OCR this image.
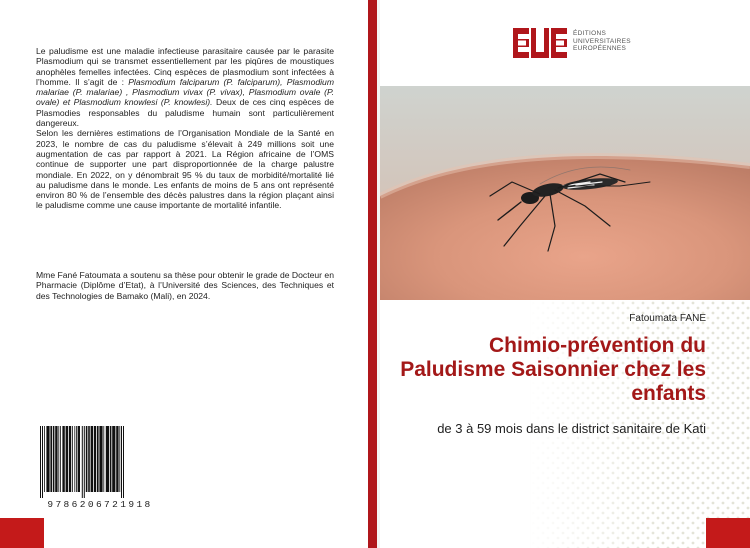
Le paludisme est une maladie infectieuse parasitaire causée par le parasite Plasmodium qui se transmet essentiellement par les piqûres de moustiques anophèles femelles infectées. Cinq espèces de plasmodium sont infectées à l’homme. Il s’agit de : Plasmodium falciparum (P. falciparum), Plasmodium malariae (P. malariae) , Plasmodium vivax (P. vivax), Plasmodium ovale (P. ovale) et Plasmodium knowlesi (P. knowlesi). Deux de ces cinq espèces de Plasmodies responsables du paludisme humain sont particulièrement dangereux.

Selon les dernières estimations de l’Organisation Mondiale de la Santé en 2023, le nombre de cas du paludisme s’élevait à 249 millions soit une augmentation de cas par rapport à 2021. La Région africaine de l’OMS continue de supporter une part disproportionnée de la charge palustre mondiale. En 2022, on y dénombrait 95 % du taux de morbidité/mortalité lié au paludisme dans le monde. Les enfants de moins de 5 ans ont représenté environ 80 % de l’ensemble des décès palustres dans la région plaçant ainsi le paludisme comme une cause importante de mortalité infantile.

Mme Fané Fatoumata a soutenu sa thèse pour obtenir le grade de Docteur en Pharmacie (Diplôme d’Etat), à l’Université des Sciences, des Techniques et des Technologies de Bamako (Mali), en 2024.
9786206721918
ÉDITIONS
UNIVERSITAIRES
EUROPÉENNES
Fatoumata FANE
Chimio-prévention du Paludisme Saisonnier chez les enfants
de 3 à 59 mois dans le district sanitaire de Kati
